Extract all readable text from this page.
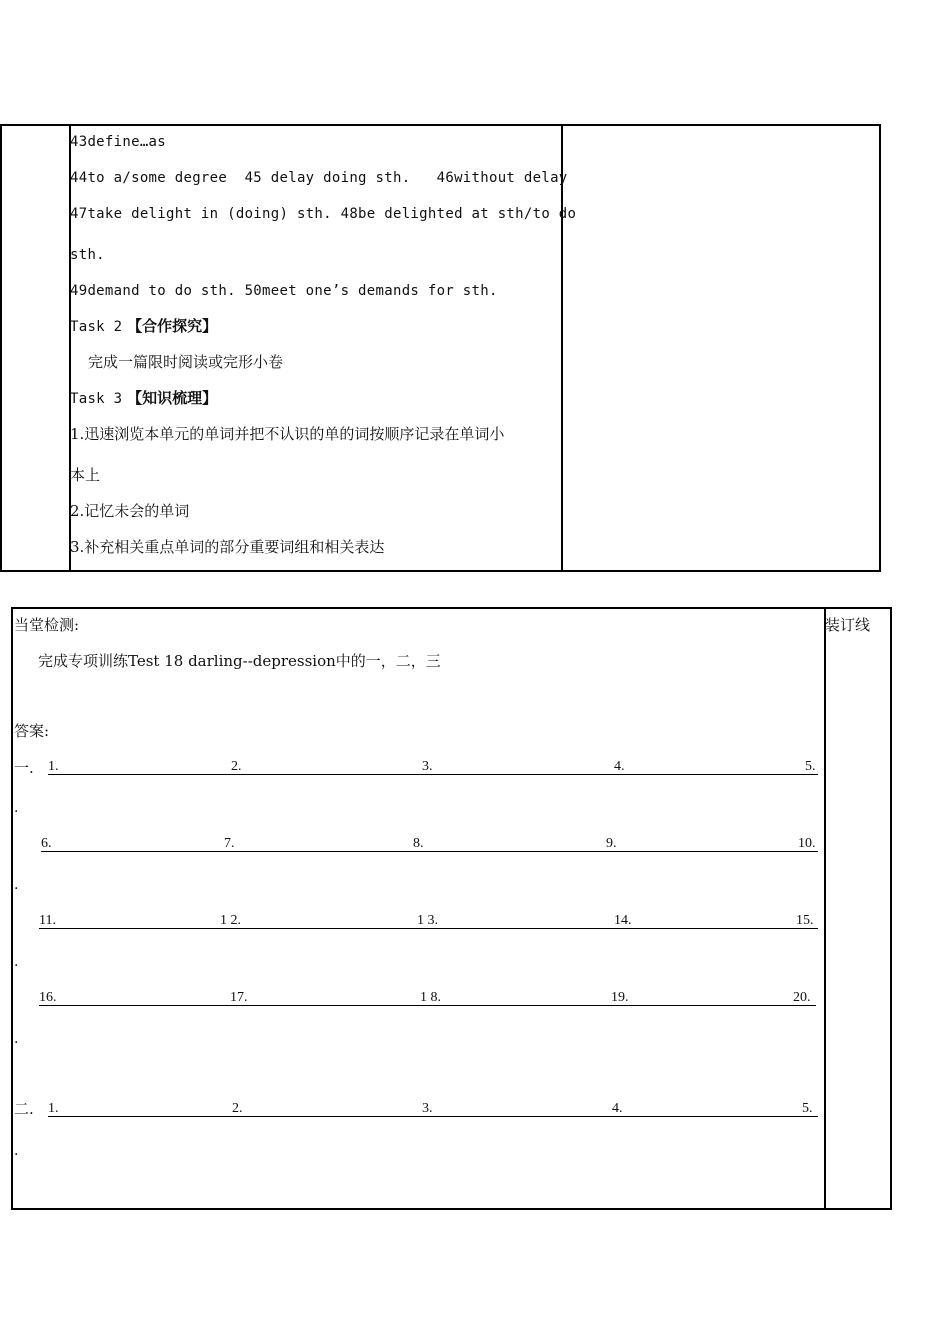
43define…as
44to a/some degree  45 delay doing sth.   46without delay
47take delight in (doing) sth. 48be delighted at sth/to do
sth.
49demand to do sth. 50meet one’s demands for sth.
Task 2 【合作探究】
完成一篇限时阅读或完形小卷
Task 3 【知识梳理】
1.迅速浏览本单元的单词并把不认识的单的词按顺序记录在单词小
本上
2.记忆未会的单词
3.补充相关重点单词的部分重要词组和相关表达
当堂检测:	装订线
完成专项训练Test 18 darling--depression中的一，二，三
答案:
一. 1.	2.	3.	4.	5.
.
6.	7.	8.	9.	10.
.
11.	1 2.	1 3.	14.	15.
.
16.	17.	1 8.	19.	20.
.
二. 1.	2.	3.	4.	5.
.
